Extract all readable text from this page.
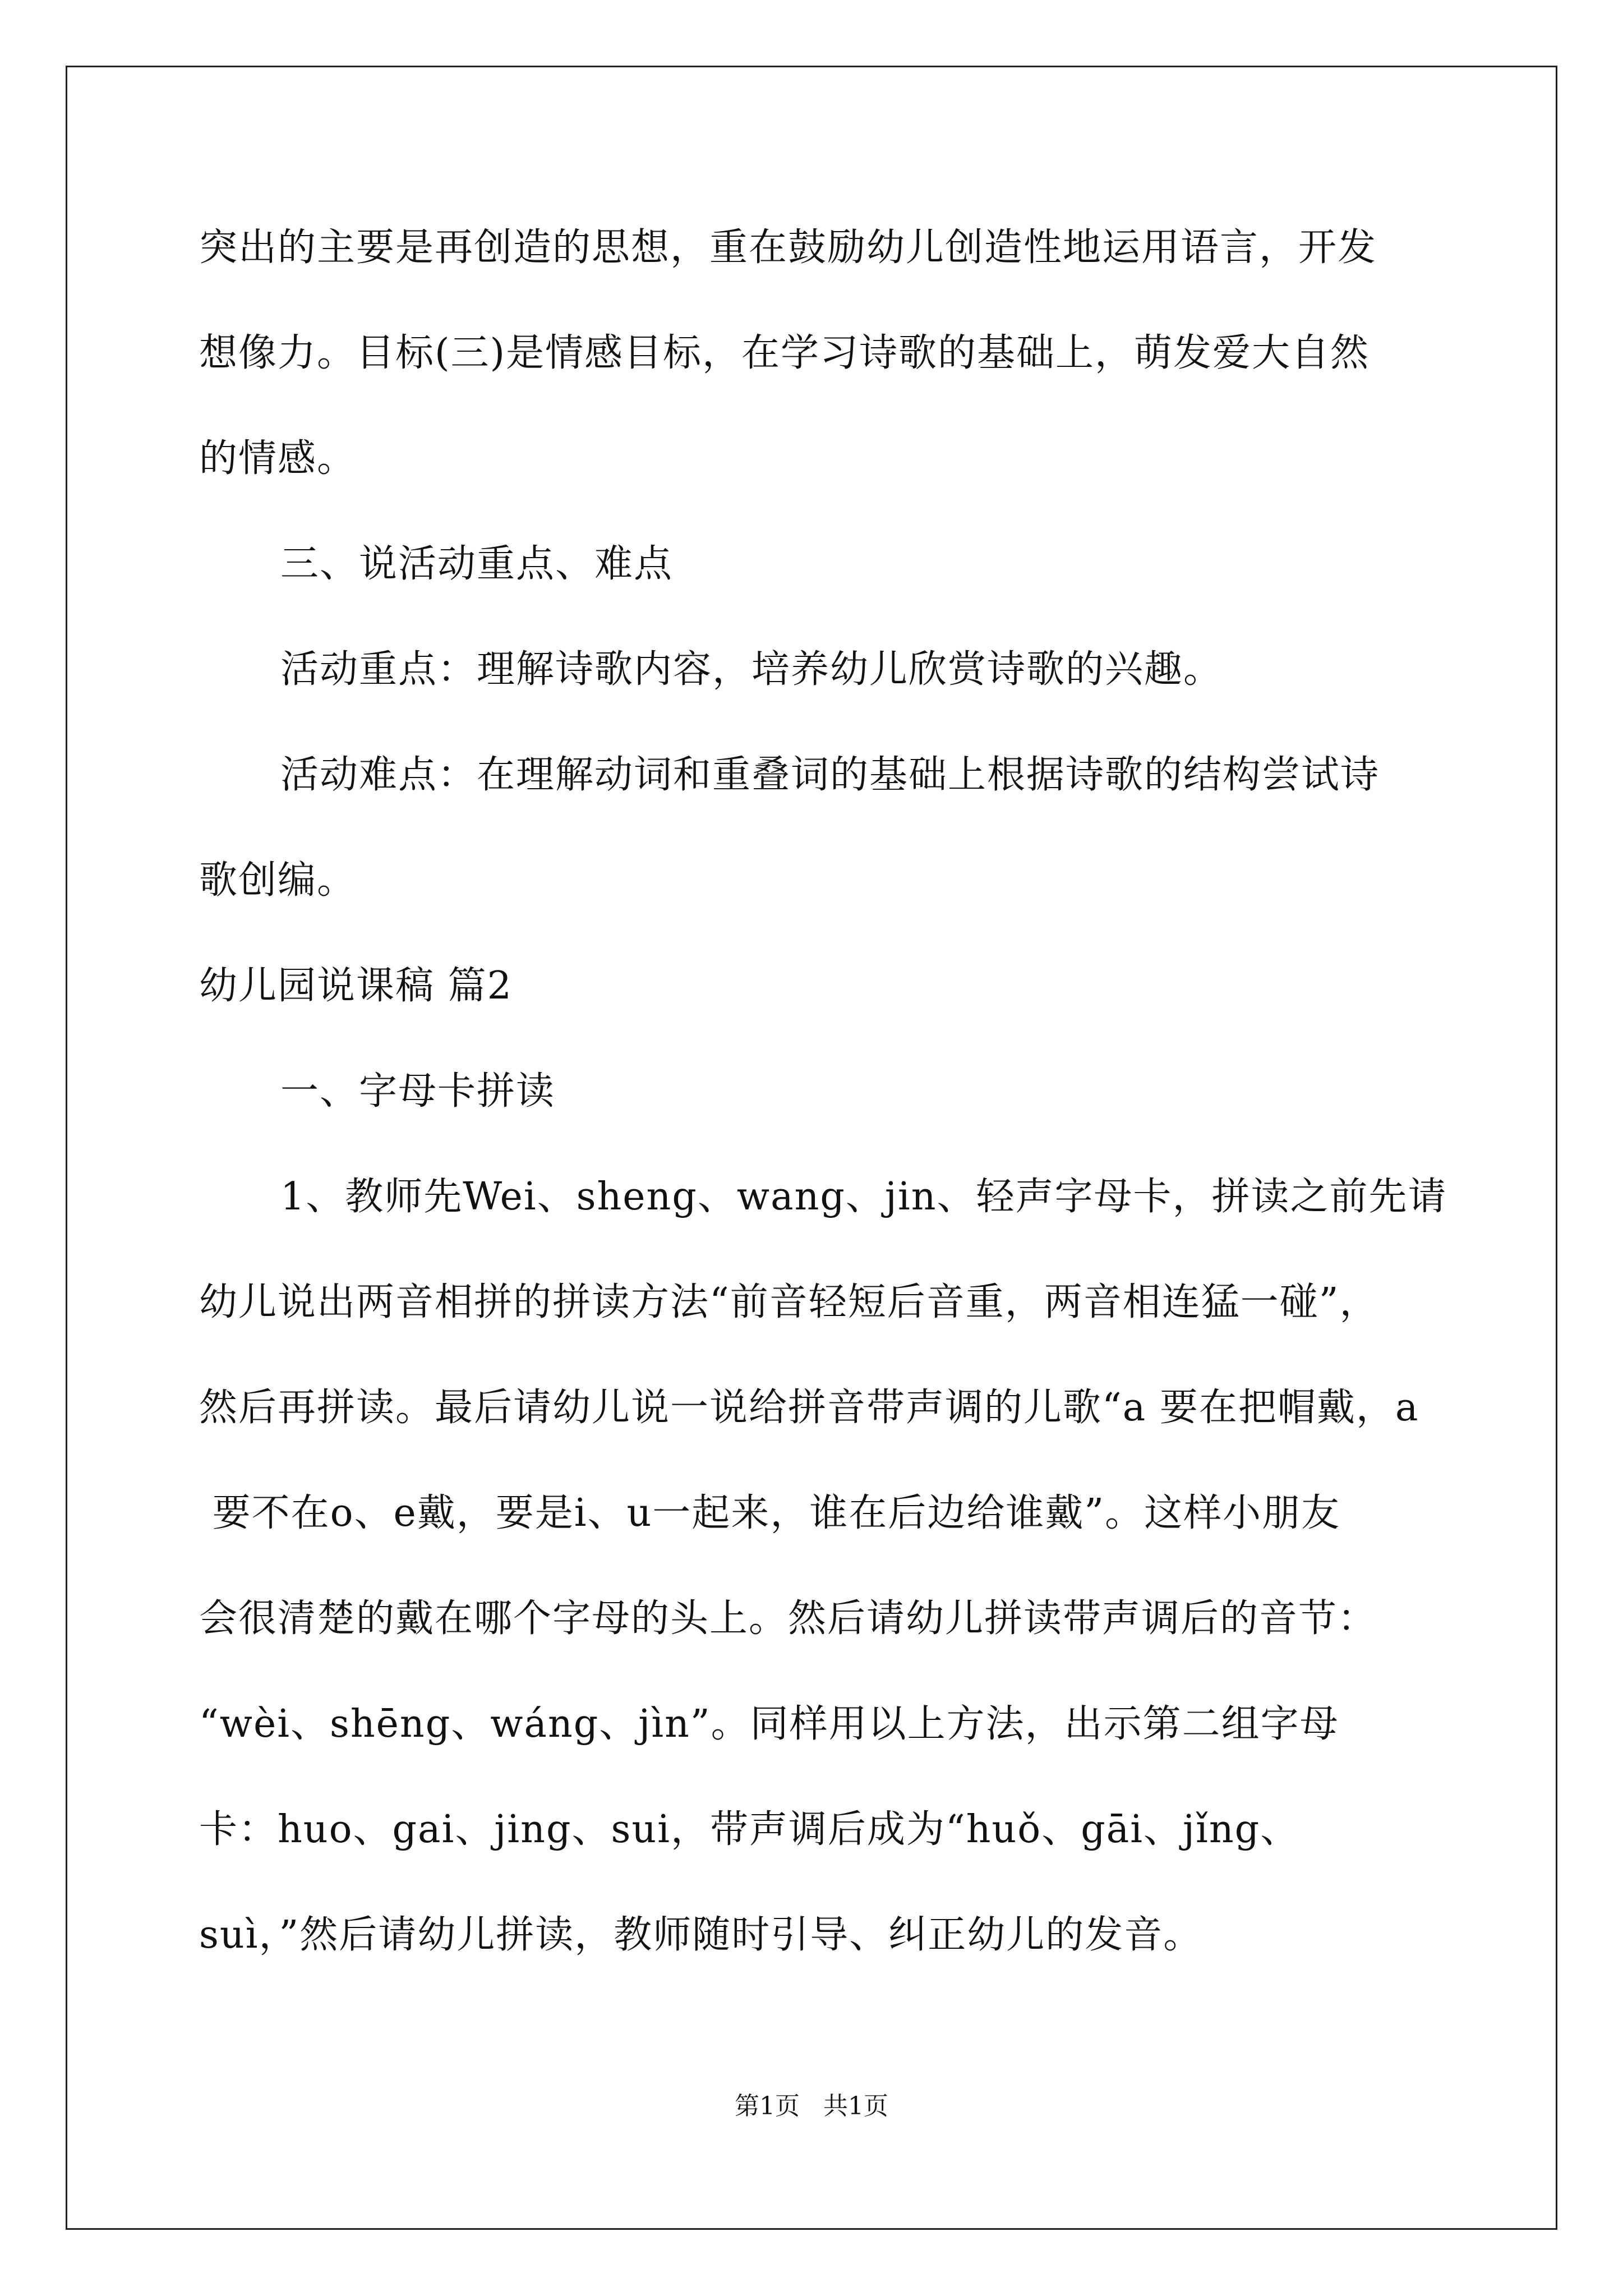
突出的主要是再创造的思想，重在鼓励幼儿创造性地运用语言，开发
想像力。目标(三)是情感目标，在学习诗歌的基础上，萌发爱大自然
的情感。
三、说活动重点、难点
活动重点：理解诗歌内容，培养幼儿欣赏诗歌的兴趣。
活动难点：在理解动词和重叠词的基础上根据诗歌的结构尝试诗
歌创编。
幼儿园说课稿 篇2
一、字母卡拼读
1、教师先Wei、sheng、wang、jin、轻声字母卡，拼读之前先请
幼儿说出两音相拼的拼读方法“前音轻短后音重，两音相连猛一碰”，
然后再拼读。最后请幼儿说一说给拼音带声调的儿歌“a 要在把帽戴，a
要不在o、e戴，要是i、u一起来，谁在后边给谁戴”。这样小朋友
会很清楚的戴在哪个字母的头上。然后请幼儿拼读带声调后的音节：
“wèi、shēng、wáng、jìn”。同样用以上方法，出示第二组字母
卡：huo、gai、jing、sui，带声调后成为“huǒ、gāi、jǐng、
suì，”然后请幼儿拼读，教师随时引导、纠正幼儿的发音。
第1页   共1页
